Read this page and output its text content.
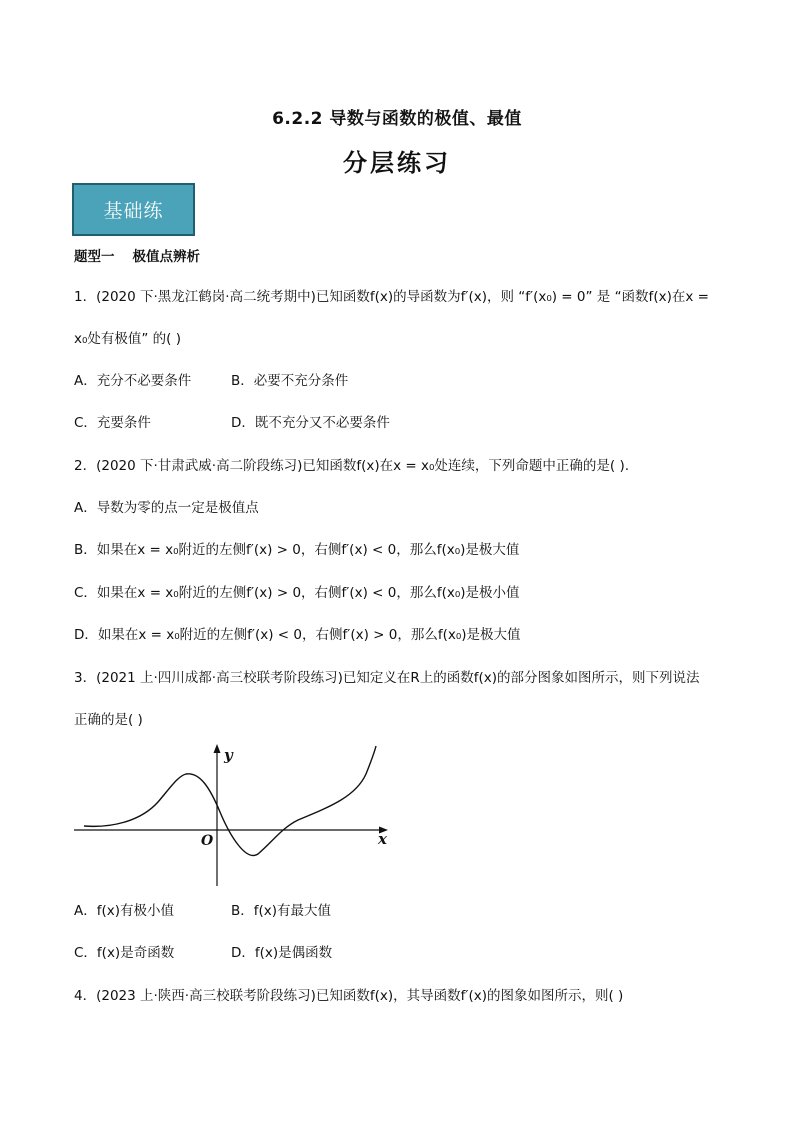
6.2.2 导数与函数的极值、最值
分层练习
基础练
题型一 极值点辨析
1．(2020 下·黑龙江鹤岗·高二统考期中)已知函数f(x)的导函数为f′(x)，则 “f′(x₀) = 0” 是 “函数f(x)在x =
x₀处有极值” 的( )
A．充分不必要条件	B．必要不充分条件
C．充要条件	D．既不充分又不必要条件
2．(2020 下·甘肃武威·高二阶段练习)已知函数f(x)在x = x₀处连续，下列命题中正确的是( ).
A．导数为零的点一定是极值点
B．如果在x = x₀附近的左侧f′(x) > 0，右侧f′(x) < 0，那么f(x₀)是极大值
C．如果在x = x₀附近的左侧f′(x) > 0，右侧f′(x) < 0，那么f(x₀)是极小值
D．如果在x = x₀附近的左侧f′(x) < 0，右侧f′(x) > 0，那么f(x₀)是极大值
3．(2021 上·四川成都·高三校联考阶段练习)已知定义在R上的函数f(x)的部分图象如图所示，则下列说法
正确的是( )
y
x
O
A．f(x)有极小值	B．f(x)有最大值
C．f(x)是奇函数	D．f(x)是偶函数
4．(2023 上·陕西·高三校联考阶段练习)已知函数f(x)，其导函数f′(x)的图象如图所示，则( )
